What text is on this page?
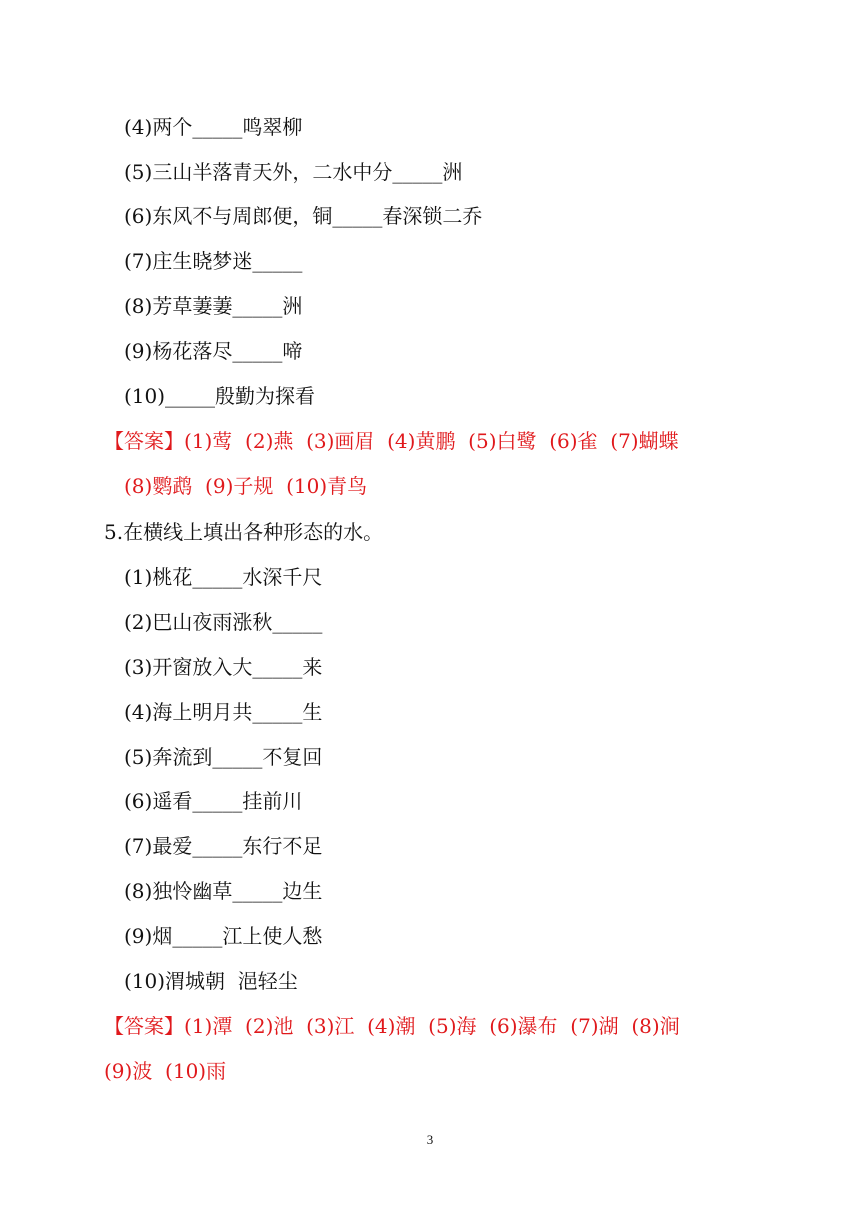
(4)两个_____鸣翠柳
(5)三山半落青天外，二水中分_____洲
(6)东风不与周郎便，铜_____春深锁二乔
(7)庄生晓梦迷_____
(8)芳草萋萋_____洲
(9)杨花落尽_____啼
(10)_____殷勤为探看
【答案】(1)莺  (2)燕  (3)画眉  (4)黄鹏  (5)白鹭  (6)雀  (7)蝴蝶
(8)鹦鹉  (9)子规  (10)青鸟
5.在横线上填出各种形态的水。
(1)桃花_____水深千尺
(2)巴山夜雨涨秋_____
(3)开窗放入大_____来
(4)海上明月共_____生
(5)奔流到_____不复回
(6)遥看_____挂前川
(7)最爱_____东行不足
(8)独怜幽草_____边生
(9)烟_____江上使人愁
(10)渭城朝  浥轻尘
【答案】(1)潭  (2)池  (3)江  (4)潮  (5)海  (6)瀑布  (7)湖  (8)涧
(9)波  (10)雨
3
